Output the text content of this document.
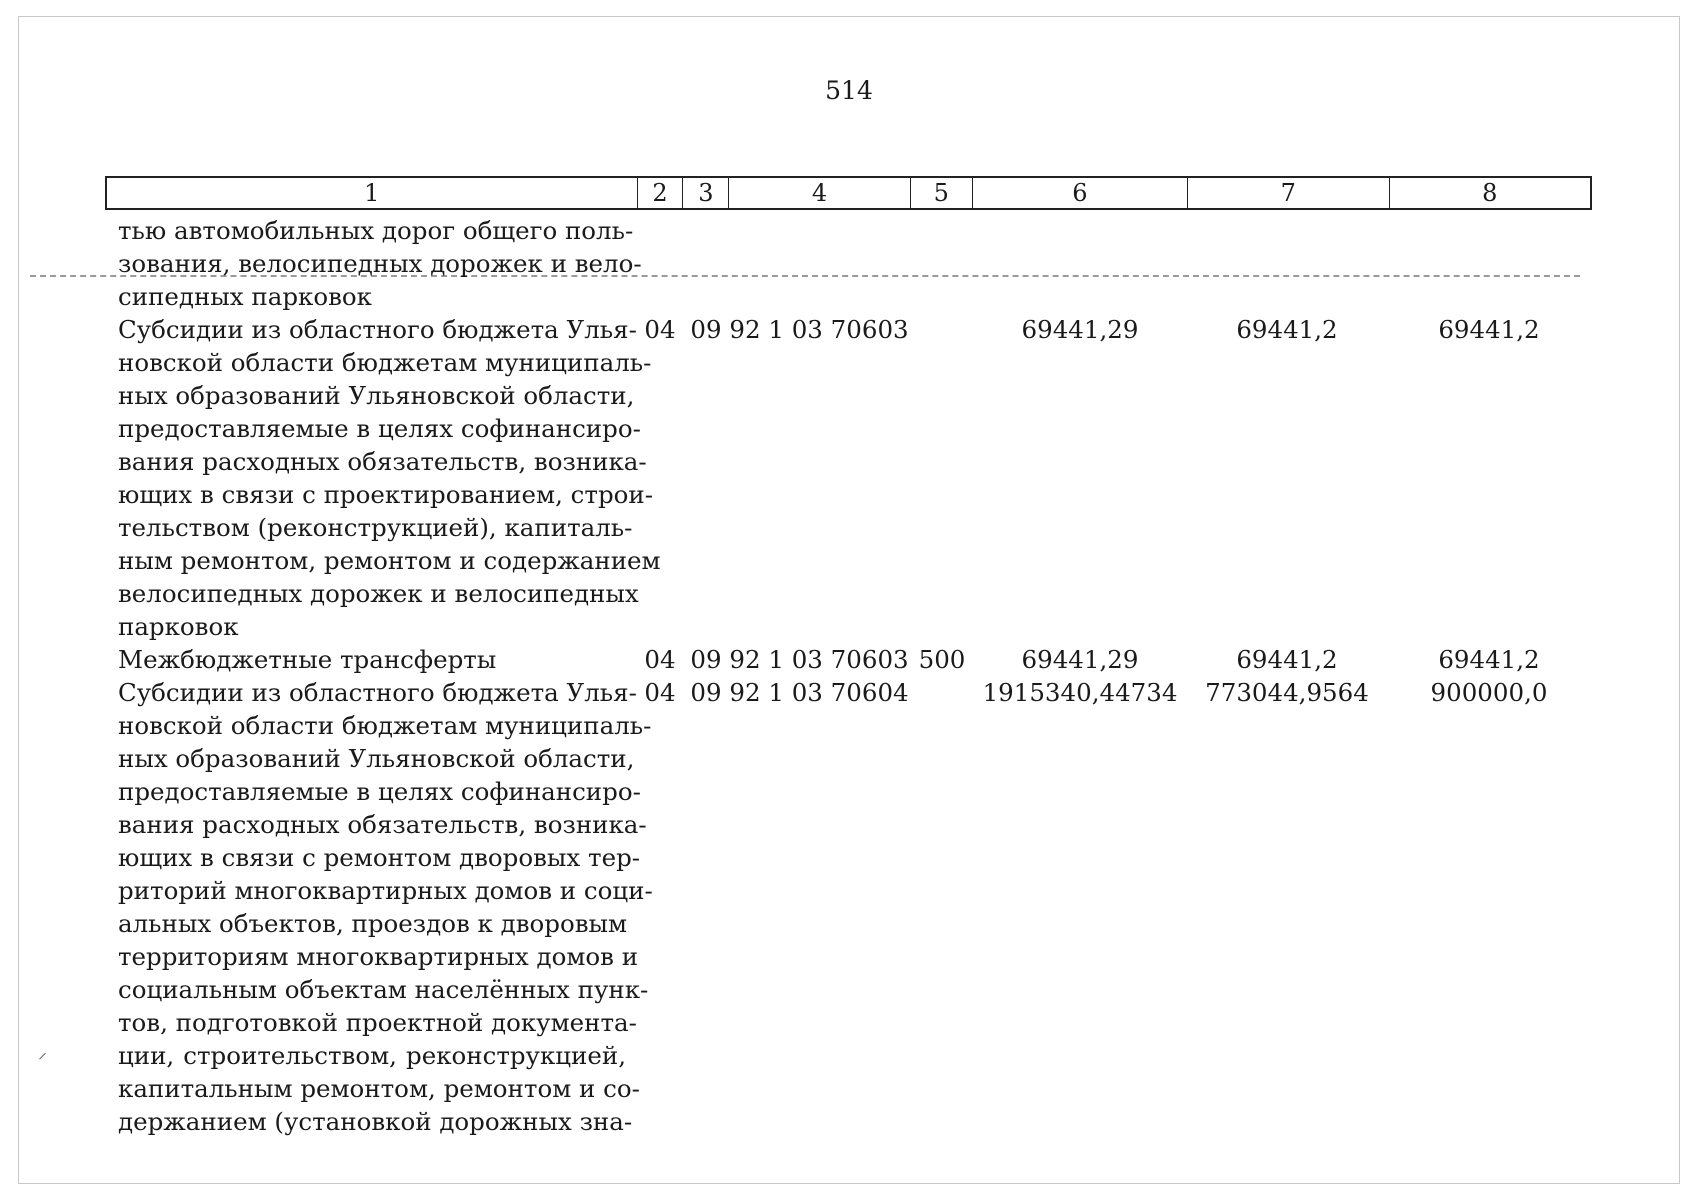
514
1	2	3	4	5	6	7	8
тью автомобильных дорог общего поль-
зования, велосипедных дорожек и вело-
сипедных парковок
Субсидии из областного бюджета Улья-
новской области бюджетам муниципаль-
ных образований Ульяновской области,
предоставляемые в целях софинансиро-
вания расходных обязательств, возника-
ющих в связи с проектированием, строи-
тельством (реконструкцией), капиталь-
ным ремонтом, ремонтом и содержанием
велосипедных дорожек и велосипедных
парковок
04 09 92 1 03 70603	69441,29	69441,2	69441,2
Межбюджетные трансферты	04 09 92 1 03 70603 500	69441,29	69441,2	69441,2
Субсидии из областного бюджета Улья-
новской области бюджетам муниципаль-
ных образований Ульяновской области,
предоставляемые в целях софинансиро-
вания расходных обязательств, возника-
ющих в связи с ремонтом дворовых тер-
риторий многоквартирных домов и соци-
альных объектов, проездов к дворовым
территориям многоквартирных домов и
социальным объектам населённых пунк-
тов, подготовкой проектной документа-
ции, строительством, реконструкцией,
капитальным ремонтом, ремонтом и со-
держанием (установкой дорожных зна-
04 09 92 1 03 70604	1915340,44734	773044,9564	900000,0
⸝
